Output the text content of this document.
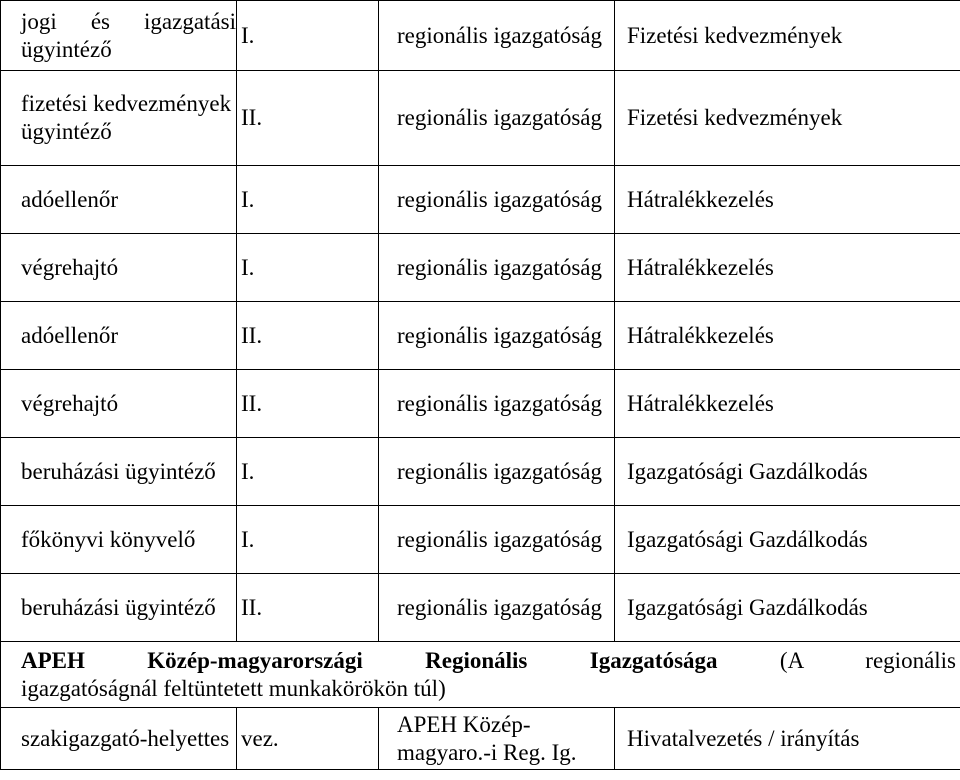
jogi és igazgatási ügyintéző	I.	regionális igazgatóság	Fizetési kedvezmények
fizetési kedvezmények ügyintéző	II.	regionális igazgatóság	Fizetési kedvezmények
adóellenőr	I.	regionális igazgatóság	Hátralékkezelés
végrehajtó	I.	regionális igazgatóság	Hátralékkezelés
adóellenőr	II.	regionális igazgatóság	Hátralékkezelés
végrehajtó	II.	regionális igazgatóság	Hátralékkezelés
beruházási ügyintéző	I.	regionális igazgatóság	Igazgatósági Gazdálkodás
főkönyvi könyvelő	I.	regionális igazgatóság	Igazgatósági Gazdálkodás
beruházási ügyintéző	II.	regionális igazgatóság	Igazgatósági Gazdálkodás

APEH Közép-magyarországi Regionális Igazgatósága (A regionális
igazgatóságnál feltüntetett munkakörökön túl)			

szakigazgató-helyettes	vez.	APEH Közép-magyaro.-i Reg. Ig.	Hivatalvezetés / irányítás
